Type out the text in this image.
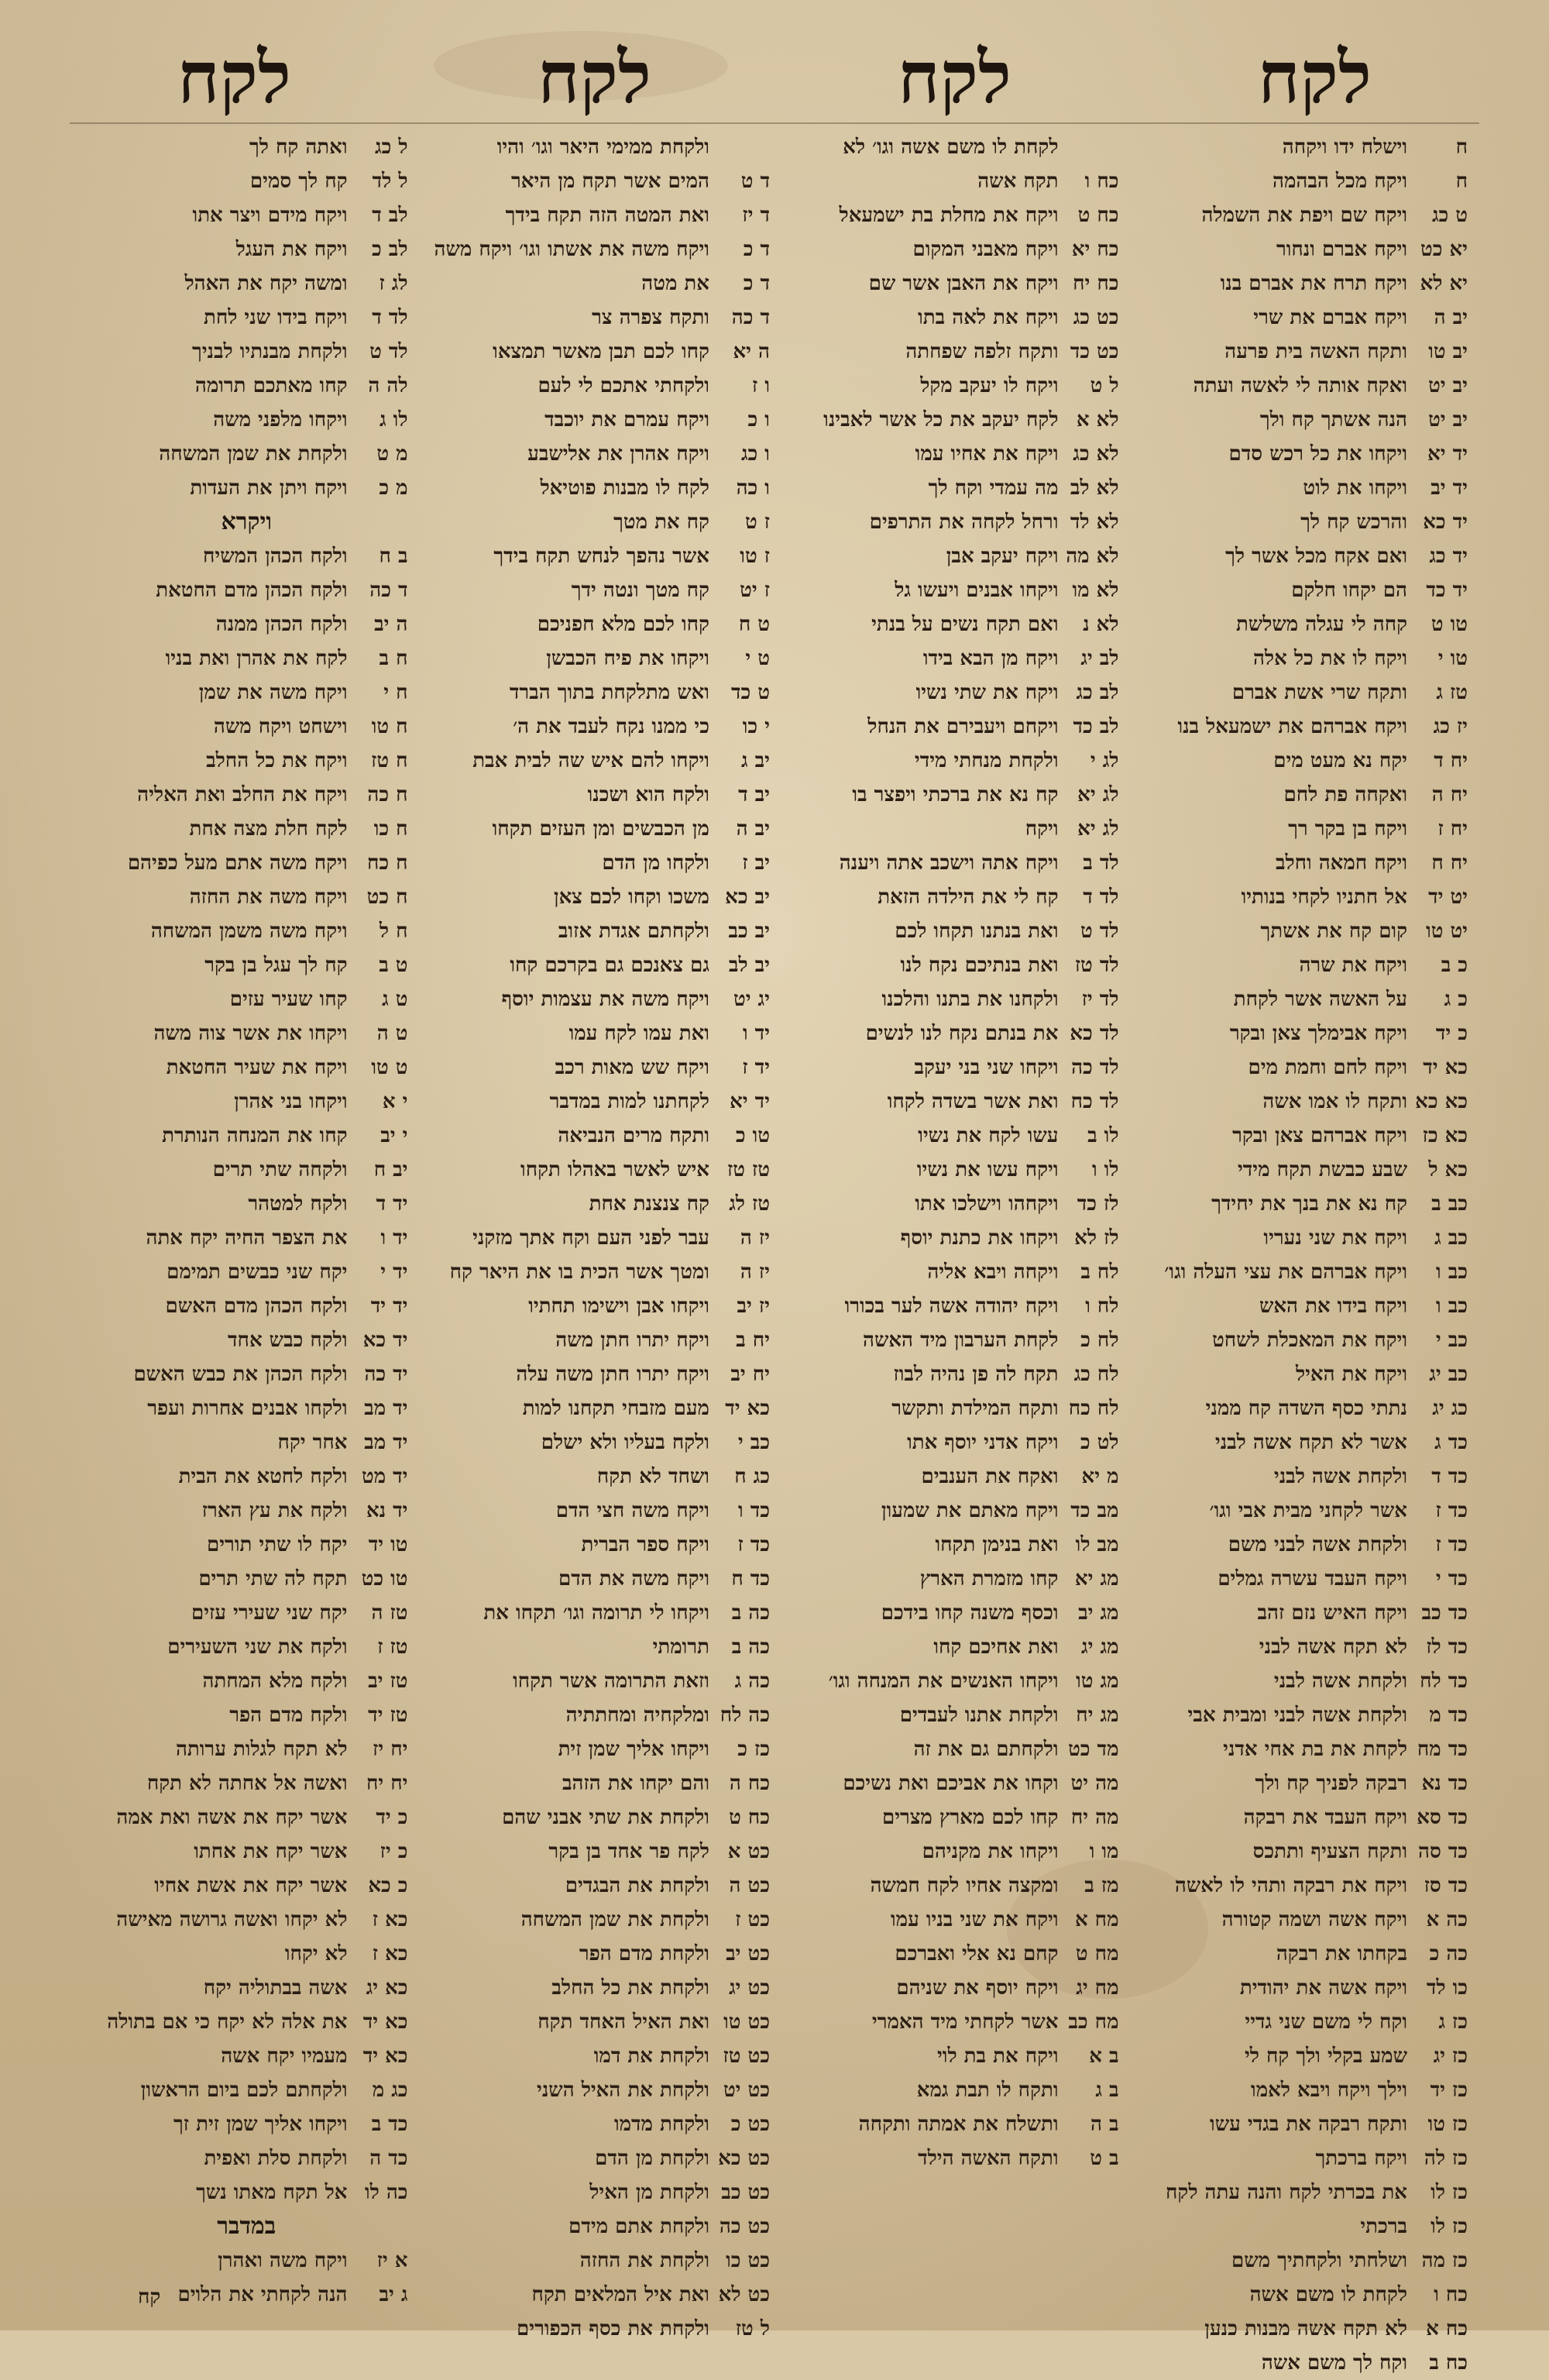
לקח
לקח
לקח
לקח
ח
וישלח ידו ויקחה
ח
ויקח מכל הבהמה
ט כג
ויקח שם ויפת את השמלה
יא כט
ויקח אברם ונחור
יא לא
ויקח תרח את אברם בנו
יב ה
ויקח אברם את שרי
יב טו
ותקח האשה בית פרעה
יב יט
ואקח אותה לי לאשה ועתה
יב יט
הנה אשתך קח ולך
יד יא
ויקחו את כל רכש סדם
יד יב
ויקחו את לוט
יד כא
והרכש קח לך
יד כג
ואם אקח מכל אשר לך
יד כד
הם יקחו חלקם
טו ט
קחה לי עגלה משלשת
טו י
ויקח לו את כל אלה
טז ג
ותקח שרי אשת אברם
יז כג
ויקח אברהם את ישמעאל בנו
יח ד
יקח נא מעט מים
יח ה
ואקחה פת לחם
יח ז
ויקח בן בקר רך
יח ח
ויקח חמאה וחלב
יט יד
אל חתניו לקחי בנותיו
יט טו
קום קח את אשתך
כ ב
ויקח את שרה
כ ג
על האשה אשר לקחת
כ יד
ויקח אבימלך צאן ובקר
כא יד
ויקח לחם וחמת מים
כא כא
ותקח לו אמו אשה
כא כז
ויקח אברהם צאן ובקר
כא ל
שבע כבשת תקח מידי
כב ב
קח נא את בנך את יחידך
כב ג
ויקח את שני נעריו
כב ו
ויקח אברהם את עצי העלה וגו׳
כב ו
ויקח בידו את האש
כב י
ויקח את המאכלת לשחט
כב יג
ויקח את האיל
כג יג
נתתי כסף השדה קח ממני
כד ג
אשר לא תקח אשה לבני
כד ד
ולקחת אשה לבני
כד ז
אשר לקחני מבית אבי וגו׳
כד ז
ולקחת אשה לבני משם
כד י
ויקח העבד עשרה גמלים
כד כב
ויקח האיש נזם זהב
כד לז
לא תקח אשה לבני
כד לח
ולקחת אשה לבני
כד מ
ולקחת אשה לבני ומבית אבי
כד מח
לקחת את בת אחי אדני
כד נא
רבקה לפניך קח ולך
כד סא
ויקח העבד את רבקה
כד סה
ותקח הצעיף ותתכס
כד סז
ויקח את רבקה ותהי לו לאשה
כה א
ויקח אשה ושמה קטורה
כה כ
בקחתו את רבקה
כו לד
ויקח אשה את יהודית
כז ג
וקח לי משם שני גדיי
כז יג
שמע בקלי ולך קח לי
כז יד
וילך ויקח ויבא לאמו
כז טו
ותקח רבקה את בגדי עשו
כז לה
ויקח ברכתך
כז לו
את בכרתי לקח והנה עתה לקח
כז לו
ברכתי
כז מה
ושלחתי ולקחתיך משם
כח ו
לקחת לו משם אשה
כח א
לא תקח אשה מבנות כנען
כח ב
וקח לך משם אשה
לקחת לו משם אשה וגו׳ לא
כח ו
תקח אשה
כח ט
ויקח את מחלת בת ישמעאל
כח יא
ויקח מאבני המקום
כח יח
ויקח את האבן אשר שם
כט כג
ויקח את לאה בתו
כט כד
ותקח זלפה שפחתה
ל ט
ויקח לו יעקב מקל
לא א
לקח יעקב את כל אשר לאבינו
לא כג
ויקח את אחיו עמו
לא לב
מה עמדי וקח לך
לא לד
ורחל לקחה את התרפים
לא מה
ויקח יעקב אבן
לא מו
ויקחו אבנים ויעשו גל
לא נ
ואם תקח נשים על בנתי
לב יג
ויקח מן הבא בידו
לב כג
ויקח את שתי נשיו
לב כד
ויקחם ויעבירם את הנחל
לג י
ולקחת מנחתי מידי
לג יא
קח נא את ברכתי ויפצר בו
לג יא
ויקח
לד ב
ויקח אתה וישכב אתה ויענה
לד ד
קח לי את הילדה הזאת
לד ט
ואת בנתנו תקחו לכם
לד טז
ואת בנתיכם נקח לנו
לד יז
ולקחנו את בתנו והלכנו
לד כא
את בנתם נקח לנו לנשים
לד כה
ויקחו שני בני יעקב
לד כח
ואת אשר בשדה לקחו
לו ב
עשו לקח את נשיו
לו ו
ויקח עשו את נשיו
לז כד
ויקחהו וישלכו אתו
לז לא
ויקחו את כתנת יוסף
לח ב
ויקחה ויבא אליה
לח ו
ויקח יהודה אשה לער בכורו
לח כ
לקחת הערבון מיד האשה
לח כג
תקח לה פן נהיה לבוז
לח כח
ותקח המילדת ותקשר
לט כ
ויקח אדני יוסף אתו
מ יא
ואקח את הענבים
מב כד
ויקח מאתם את שמעון
מב לו
ואת בנימן תקחו
מג יא
קחו מזמרת הארץ
מג יב
וכסף משנה קחו בידכם
מג יג
ואת אחיכם קחו
מג טו
ויקחו האנשים את המנחה וגו׳
מג יח
ולקחת אתנו לעבדים
מד כט
ולקחתם גם את זה
מה יט
וקחו את אביכם ואת נשיכם
מה יח
קחו לכם מארץ מצרים
מו ו
ויקחו את מקניהם
מז ב
ומקצה אחיו לקח חמשה
מח א
ויקח את שני בניו עמו
מח ט
קחם נא אלי ואברכם
מח יג
ויקח יוסף את שניהם
מח כב
אשר לקחתי מיד האמרי
ב א
ויקח את בת לוי
ב ג
ותקח לו תבת גמא
ב ה
ותשלח את אמתה ותקחה
ב ט
ותקח האשה הילד
ולקחת ממימי היאר וגו׳ והיו
ד ט
המים אשר תקח מן היאר
ד יז
ואת המטה הזה תקח בידך
ד כ
ויקח משה את אשתו וגו׳ ויקח משה
ד כ
את מטה
ד כה
ותקח צפרה צר
ה יא
קחו לכם תבן מאשר תמצאו
ו ז
ולקחתי אתכם לי לעם
ו כ
ויקח עמרם את יוכבד
ו כג
ויקח אהרן את אלישבע
ו כה
לקח לו מבנות פוטיאל
ז ט
קח את מטך
ז טו
אשר נהפך לנחש תקח בידך
ז יט
קח מטך ונטה ידך
ט ח
קחו לכם מלא חפניכם
ט י
ויקחו את פיח הכבשן
ט כד
ואש מתלקחת בתוך הברד
י כו
כי ממנו נקח לעבד את ה׳
יב ג
ויקחו להם איש שה לבית אבת
יב ד
ולקח הוא ושכנו
יב ה
מן הכבשים ומן העזים תקחו
יב ז
ולקחו מן הדם
יב כא
משכו וקחו לכם צאן
יב כב
ולקחתם אגדת אזוב
יב לב
גם צאנכם גם בקרכם קחו
יג יט
ויקח משה את עצמות יוסף
יד ו
ואת עמו לקח עמו
יד ז
ויקח שש מאות רכב
יד יא
לקחתנו למות במדבר
טו כ
ותקח מרים הנביאה
טז טז
איש לאשר באהלו תקחו
טז לג
קח צנצנת אחת
יז ה
עבר לפני העם וקח אתך מזקני
יז ה
ומטך אשר הכית בו את היאר קח
יז יב
ויקחו אבן וישימו תחתיו
יח ב
ויקח יתרו חתן משה
יח יב
ויקח יתרו חתן משה עלה
כא יד
מעם מזבחי תקחנו למות
כב י
ולקח בעליו ולא ישלם
כג ח
ושחד לא תקח
כד ו
ויקח משה חצי הדם
כד ז
ויקח ספר הברית
כד ח
ויקח משה את הדם
כה ב
ויקחו לי תרומה וגו׳ תקחו את
כה ב
תרומתי
כה ג
וזאת התרומה אשר תקחו
כה לח
ומלקחיה ומחתתיה
כז כ
ויקחו אליך שמן זית
כח ה
והם יקחו את הזהב
כח ט
ולקחת את שתי אבני שהם
כט א
לקח פר אחד בן בקר
כט ה
ולקחת את הבגדים
כט ז
ולקחת את שמן המשחה
כט יב
ולקחת מדם הפר
כט יג
ולקחת את כל החלב
כט טו
ואת האיל האחד תקח
כט טז
ולקחת את דמו
כט יט
ולקחת את האיל השני
כט כ
ולקחת מדמו
כט כא
ולקחת מן הדם
כט כב
ולקחת מן האיל
כט כה
ולקחת אתם מידם
כט כו
ולקחת את החזה
כט לא
ואת איל המלאים תקח
ל טז
ולקחת את כסף הכפורים
ל כג
ואתה קח לך
ל לד
קח לך סמים
לב ד
ויקח מידם ויצר אתו
לב כ
ויקח את העגל
לג ז
ומשה יקח את האהל
לד ד
ויקח בידו שני לחת
לד ט
ולקחת מבנתיו לבניך
לה ה
קחו מאתכם תרומה
לו ג
ויקחו מלפני משה
מ ט
ולקחת את שמן המשחה
מ כ
ויקח ויתן את העדות
ויקרא
ב ח
ולקח הכהן המשיח
ד כה
ולקח הכהן מדם החטאת
ה יב
ולקח הכהן ממנה
ח ב
לקח את אהרן ואת בניו
ח י
ויקח משה את שמן
ח טו
וישחט ויקח משה
ח טז
ויקח את כל החלב
ח כה
ויקח את החלב ואת האליה
ח כו
לקח חלת מצה אחת
ח כח
ויקח משה אתם מעל כפיהם
ח כט
ויקח משה את החזה
ח ל
ויקח משה משמן המשחה
ט ב
קח לך עגל בן בקר
ט ג
קחו שעיר עזים
ט ה
ויקחו את אשר צוה משה
ט טו
ויקח את שעיר החטאת
י א
ויקחו בני אהרן
י יב
קחו את המנחה הנותרת
יב ח
ולקחה שתי תרים
יד ד
ולקח למטהר
יד ו
את הצפר החיה יקח אתה
יד י
יקח שני כבשים תמימם
יד יד
ולקח הכהן מדם האשם
יד כא
ולקח כבש אחד
יד כה
ולקח הכהן את כבש האשם
יד מב
ולקחו אבנים אחרות ועפר
יד מב
אחר יקח
יד מט
ולקח לחטא את הבית
יד נא
ולקח את עץ הארז
טו יד
יקח לו שתי תורים
טו כט
תקח לה שתי תרים
טז ה
יקח שני שעירי עזים
טז ז
ולקח את שני השעירים
טז יב
ולקח מלא המחתה
טז יד
ולקח מדם הפר
יח יז
לא תקח לגלות ערותה
יח יח
ואשה אל אחתה לא תקח
כ יד
אשר יקח את אשה ואת אמה
כ יז
אשר יקח את אחתו
כ כא
אשר יקח את אשת אחיו
כא ז
לא יקחו ואשה גרושה מאישה
כא ז
לא יקחו
כא יג
אשה בבתוליה יקח
כא יד
את אלה לא יקח כי אם בתולה
כא יד
מעמיו יקח אשה
כג מ
ולקחתם לכם ביום הראשון
כד ב
ויקחו אליך שמן זית זך
כד ה
ולקחת סלת ואפית
כה לו
אל תקח מאתו נשך
במדבר
א יז
ויקח משה ואהרן
ג יב
הנה לקחתי את הלוים
קח
